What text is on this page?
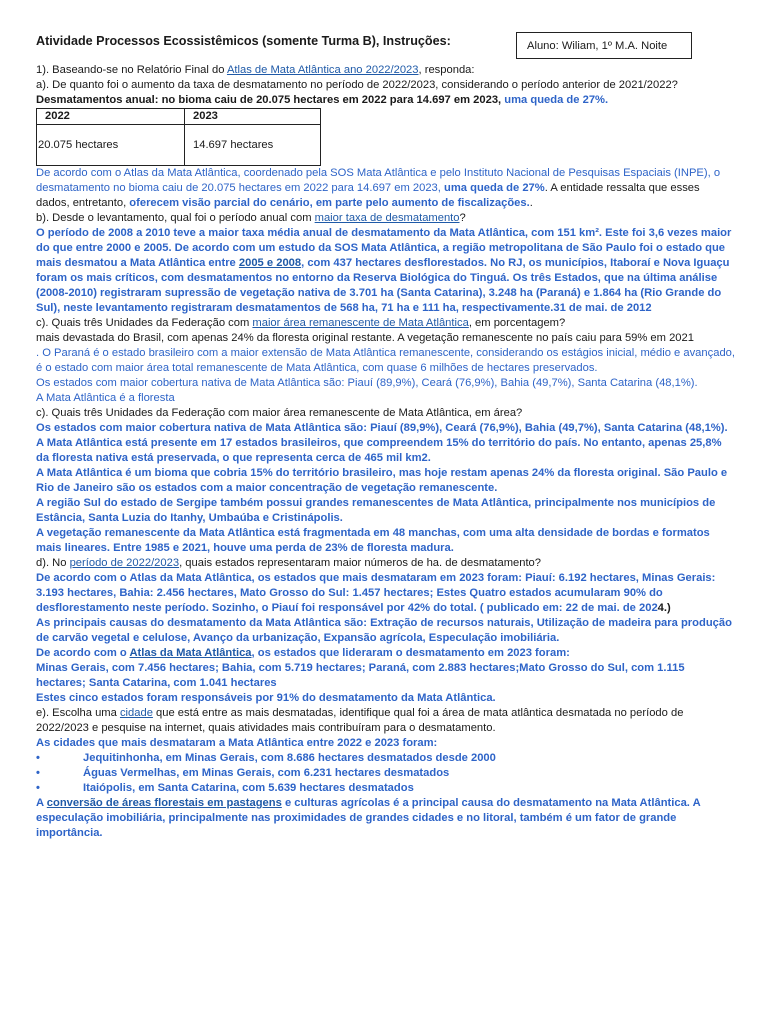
Atividade Processos Ecossistêmicos (somente Turma B), Instruções:	Aluno: Wiliam, 1º M.A. Noite

1). Baseando-se no Relatório Final do Atlas de Mata Atlântica ano 2022/2023, responda:

a). De quanto foi o aumento da taxa de desmatamento no período de 2022/2023, considerando o período anterior de 2021/2022?

Desmatamentos anual: no bioma caiu de 20.075 hectares em 2022 para 14.697 em 2023, uma queda de 27%.

2022	2023
20.075 hectares	14.697 hectares

De acordo com o Atlas da Mata Atlântica, coordenado pela SOS Mata Atlântica e pelo Instituto Nacional de Pesquisas Espaciais (INPE), o desmatamento no bioma caiu de 20.075 hectares em 2022 para 14.697 em 2023, uma queda de 27%. A entidade ressalta que esses dados, entretanto, oferecem visão parcial do cenário, em parte pelo aumento de fiscalizações..

b). Desde o levantamento, qual foi o período anual com maior taxa de desmatamento?

O período de 2008 a 2010 teve a maior taxa média anual de desmatamento da Mata Atlântica, com 151 km². Este foi 3,6 vezes maior do que entre 2000 e 2005. De acordo com um estudo da SOS Mata Atlântica, a região metropolitana de São Paulo foi o estado que mais desmatou a Mata Atlântica entre 2005 e 2008, com 437 hectares desflorestados. No RJ, os municípios, Itaboraí e Nova Iguaçu foram os mais críticos, com desmatamentos no entorno da Reserva Biológica do Tinguá. Os três Estados, que na última análise (2008-2010) registraram supressão de vegetação nativa de 3.701 ha (Santa Catarina), 3.248 ha (Paraná) e 1.864 ha (Rio Grande do Sul), neste levantamento registraram desmatamentos de 568 ha, 71 ha e 111 ha, respectivamente.31 de mai. de 2012

c). Quais três Unidades da Federação com maior área remanescente de Mata Atlântica, em porcentagem?

mais devastada do Brasil, com apenas 24% da floresta original restante. A vegetação remanescente no país caiu para 59% em 2021

. O Paraná é o estado brasileiro com a maior extensão de Mata Atlântica remanescente, considerando os estágios inicial, médio e avançado, é o estado com maior área total remanescente de Mata Atlântica, com quase 6 milhões de hectares preservados.

Os estados com maior cobertura nativa de Mata Atlântica são: Piauí (89,9%), Ceará (76,9%), Bahia (49,7%), Santa Catarina (48,1%).

A Mata Atlântica é a floresta

c). Quais três Unidades da Federação com maior área remanescente de Mata Atlântica, em área?

Os estados com maior cobertura nativa de Mata Atlântica são: Piauí (89,9%), Ceará (76,9%), Bahia (49,7%), Santa Catarina (48,1%).

A Mata Atlântica está presente em 17 estados brasileiros, que compreendem 15% do território do país. No entanto, apenas 25,8% da floresta nativa está preservada, o que representa cerca de 465 mil km2.

A Mata Atlântica é um bioma que cobria 15% do território brasileiro, mas hoje restam apenas 24% da floresta original. São Paulo e Rio de Janeiro são os estados com a maior concentração de vegetação remanescente.

A região Sul do estado de Sergipe também possui grandes remanescentes de Mata Atlântica, principalmente nos municípios de Estância, Santa Luzia do Itanhy, Umbaúba e Cristinápolis.

A vegetação remanescente da Mata Atlântica está fragmentada em 48 manchas, com uma alta densidade de bordas e formatos mais lineares. Entre 1985 e 2021, houve uma perda de 23% de floresta madura.

d). No período de 2022/2023, quais estados representaram maior números de ha. de desmatamento?

De acordo com o Atlas da Mata Atlântica, os estados que mais desmataram em 2023 foram: Piauí: 6.192 hectares, Minas Gerais: 3.193 hectares, Bahia: 2.456 hectares, Mato Grosso do Sul: 1.457 hectares; Estes Quatro estados acumularam 90% do desflorestamento neste período. Sozinho, o Piauí foi responsável por 42% do total. ( publicado em: 22 de mai. de 2024.)

As principais causas do desmatamento da Mata Atlântica são: Extração de recursos naturais, Utilização de madeira para produção de carvão vegetal e celulose, Avanço da urbanização, Expansão agrícola, Especulação imobiliária.

De acordo com o Atlas da Mata Atlântica, os estados que lideraram o desmatamento em 2023 foram:

Minas Gerais, com 7.456 hectares; Bahia, com 5.719 hectares; Paraná, com 2.883 hectares;Mato Grosso do Sul, com 1.115 hectares; Santa Catarina, com 1.041 hectares

Estes cinco estados foram responsáveis por 91% do desmatamento da Mata Atlântica.

e). Escolha uma cidade que está entre as mais desmatadas, identifique qual foi a área de mata atlântica desmatada no período de 2022/2023 e pesquise na internet, quais atividades mais contribuíram para o desmatamento.

As cidades que mais desmataram a Mata Atlântica entre 2022 e 2023 foram:

• Jequitinhonha, em Minas Gerais, com 8.686 hectares desmatados desde 2000
• Águas Vermelhas, em Minas Gerais, com 6.231 hectares desmatados
• Itaiópolis, em Santa Catarina, com 5.639 hectares desmatados

A conversão de áreas florestais em pastagens e culturas agrícolas é a principal causa do desmatamento na Mata Atlântica. A especulação imobiliária, principalmente nas proximidades de grandes cidades e no litoral, também é um fator de grande importância.
